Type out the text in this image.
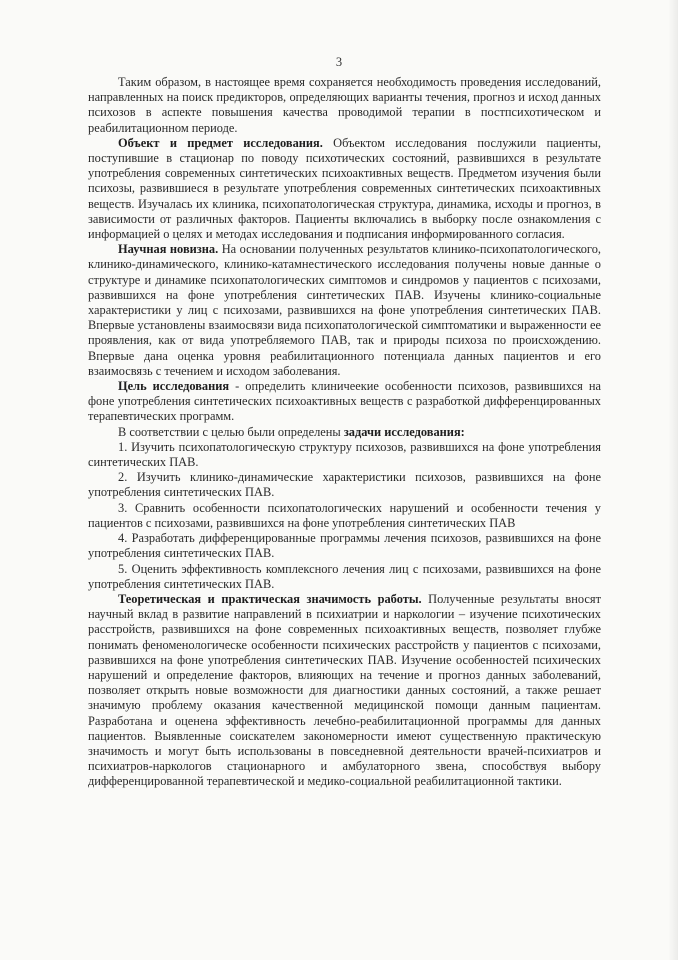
3

Таким образом, в настоящее время сохраняется необходимость проведения исследований, направленных на поиск предикторов, определяющих варианты течения, прогноз и исход данных психозов в аспекте повышения качества проводимой терапии в постпсихотическом и реабилитационном периоде.

Объект и предмет исследования. Объектом исследования послужили пациенты, поступившие в стационар по поводу психотических состояний, развившихся в результате употребления современных синтетических психоактивных веществ. Предметом изучения были психозы, развившиеся в результате употребления современных синтетических психоактивных веществ. Изучалась их клиника, психопатологическая структура, динамика, исходы и прогноз, в зависимости от различных факторов. Пациенты включались в выборку после ознакомления с информацией о целях и методах исследования и подписания информированного согласия.

Научная новизна. На основании полученных результатов клинико-психопатологического, клинико-динамического, клинико-катамнестического исследования получены новые данные о структуре и динамике психопатологических симптомов и синдромов у пациентов с психозами, развившихся на фоне употребления синтетических ПАВ. Изучены клинико-социальные характеристики у лиц с психозами, развившихся на фоне употребления синтетических ПАВ. Впервые установлены взаимосвязи вида психопатологической симптоматики и выраженности ее проявления, как от вида употребляемого ПАВ, так и природы психоза по происхождению. Впервые дана оценка уровня реабилитационного потенциала данных пациентов и его взаимосвязь с течением и исходом заболевания.

Цель исследования - определить клиничеекие особенности психозов, развившихся на фоне употребления синтетических психоактивных веществ с разработкой дифференцированных терапевтических программ.

В соответствии с целью были определены задачи исследования:

1. Изучить психопатологическую структуру психозов, развившихся на фоне употребления синтетических ПАВ.

2. Изучить клинико-динамические характеристики психозов, развившихся на фоне употребления синтетических ПАВ.

3. Сравнить особенности психопатологических нарушений и особенности течения у пациентов с психозами, развившихся на фоне употребления синтетических ПАВ

4. Разработать дифференцированные программы лечения психозов, развившихся на фоне употребления синтетических ПАВ.

5. Оценить эффективность комплексного лечения лиц с психозами, развившихся на фоне употребления синтетических ПАВ.

Теоретическая и практическая значимость работы. Полученные результаты вносят научный вклад в развитие направлений в психиатрии и наркологии – изучение психотических расстройств, развившихся на фоне современных психоактивных веществ, позволяет глубже понимать феноменологичеcке особенности психических расстройств у пациентов с психозами, развившихся на фоне употребления синтетических ПАВ. Изучение особенностей психических нарушений и определение факторов, влияющих на течение и прогноз данных заболеваний, позволяет открыть новые возможности для диагностики данных состояний, а также решает значимую проблему оказания качественной медицинской помощи данным пациентам. Разработана и оценена эффективность лечебно-реабилитационной программы для данных пациентов. Выявленные соискателем закономерности имеют существенную практическую значимость и могут быть использованы в повседневной деятельности врачей-психиатров и психиатров-наркологов стационарного и амбулаторного звена, способствуя выбору дифференцированной терапевтической и медико-социальной реабилитационной тактики.
